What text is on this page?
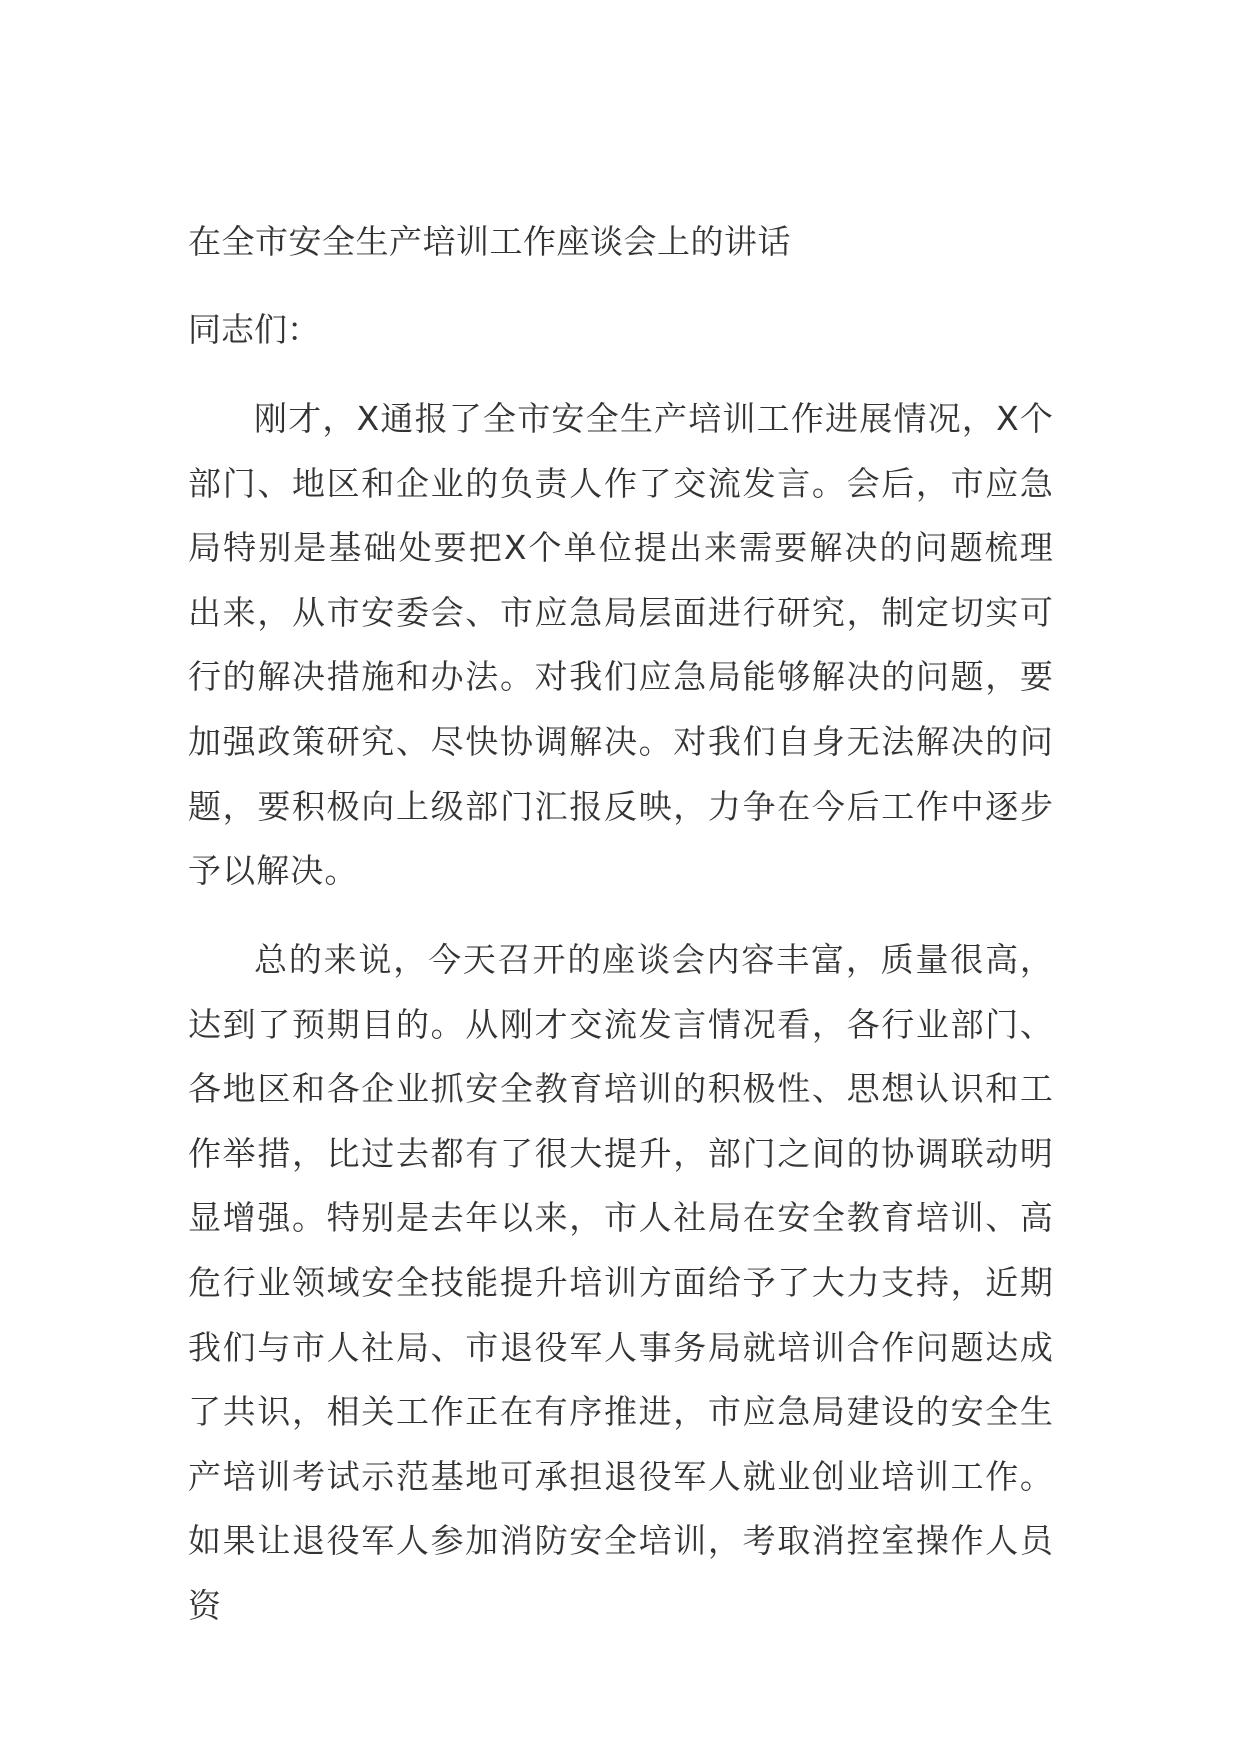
在全市安全生产培训工作座谈会上的讲话

同志们：

刚才，X通报了全市安全生产培训工作进展情况，X个部门、地区和企业的负责人作了交流发言。会后，市应急局特别是基础处要把X个单位提出来需要解决的问题梳理出来，从市安委会、市应急局层面进行研究，制定切实可行的解决措施和办法。对我们应急局能够解决的问题，要加强政策研究、尽快协调解决。对我们自身无法解决的问题，要积极向上级部门汇报反映，力争在今后工作中逐步予以解决。

总的来说，今天召开的座谈会内容丰富，质量很高，达到了预期目的。从刚才交流发言情况看，各行业部门、各地区和各企业抓安全教育培训的积极性、思想认识和工作举措，比过去都有了很大提升，部门之间的协调联动明显增强。特别是去年以来，市人社局在安全教育培训、高危行业领域安全技能提升培训方面给予了大力支持，近期我们与市人社局、市退役军人事务局就培训合作问题达成了共识，相关工作正在有序推进，市应急局建设的安全生产培训考试示范基地可承担退役军人就业创业培训工作。如果让退役军人参加消防安全培训，考取消控室操作人员资
